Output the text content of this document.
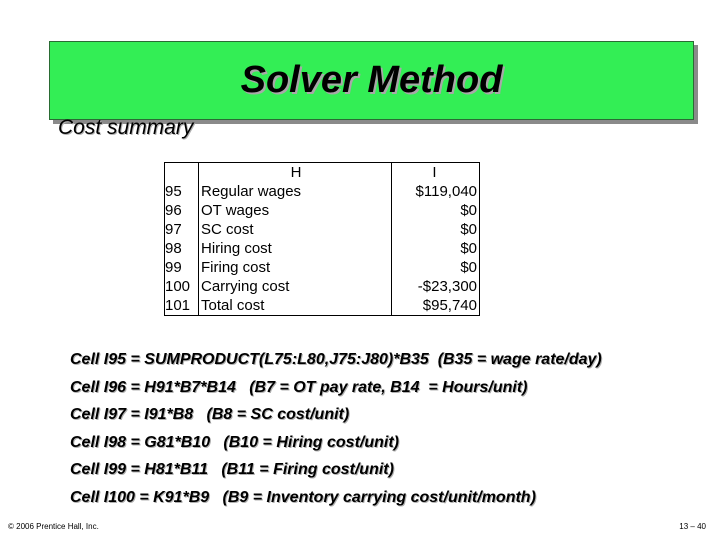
Solver Method
Cost summary
	H	I
95	Regular wages	$119,040
96	OT wages	$0
97	SC cost	$0
98	Hiring cost	$0
99	Firing cost	$0
100	Carrying cost	-$23,300
101	Total cost	$95,740
Cell I95 = SUMPRODUCT(L75:L80,J75:J80)*B35  (B35 = wage rate/day)
Cell I96 = H91*B7*B14   (B7 = OT pay rate, B14  = Hours/unit)
Cell I97 = I91*B8   (B8 = SC cost/unit)
Cell I98 = G81*B10   (B10 = Hiring cost/unit)
Cell I99 = H81*B11   (B11 = Firing cost/unit)
Cell I100 = K91*B9   (B9 = Inventory carrying cost/unit/month)
© 2006 Prentice Hall, Inc.	13 – 40
